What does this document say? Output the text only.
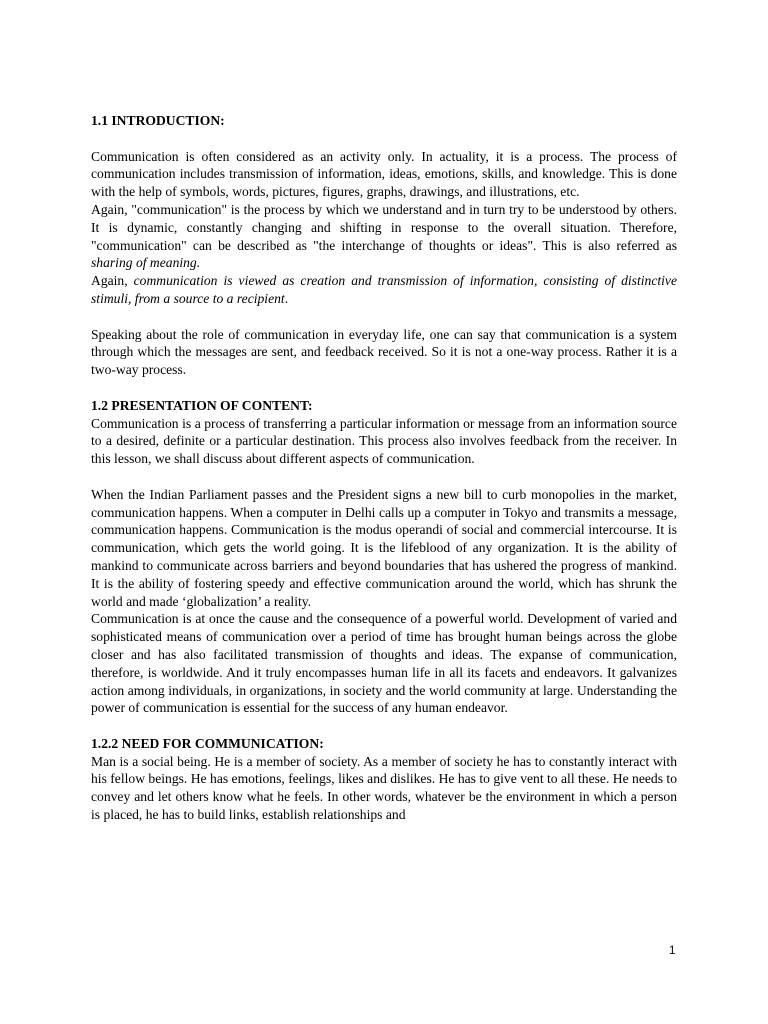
1.1 INTRODUCTION:

Communication is often considered as an activity only. In actuality, it is a process. The process of communication includes transmission of information, ideas, emotions, skills, and knowledge. This is done with the help of symbols, words, pictures, figures, graphs, drawings, and illustrations, etc.

Again, "communication" is the process by which we understand and in turn try to be understood by others. It is dynamic, constantly changing and shifting in response to the overall situation. Therefore, "communication" can be described as "the interchange of thoughts or ideas". This is also referred as sharing of meaning.

Again, communication is viewed as creation and transmission of information, consisting of distinctive stimuli, from a source to a recipient.

Speaking about the role of communication in everyday life, one can say that communication is a system through which the messages are sent, and feedback received. So it is not a one-way process. Rather it is a two-way process.

1.2 PRESENTATION OF CONTENT:

Communication is a process of transferring a particular information or message from an information source to a desired, definite or a particular destination. This process also involves feedback from the receiver. In this lesson, we shall discuss about different aspects of communication.

When the Indian Parliament passes and the President signs a new bill to curb monopolies in the market, communication happens. When a computer in Delhi calls up a computer in Tokyo and transmits a message, communication happens. Communication is the modus operandi of social and commercial intercourse. It is communication, which gets the world going. It is the lifeblood of any organization. It is the ability of mankind to communicate across barriers and beyond boundaries that has ushered the progress of mankind. It is the ability of fostering speedy and effective communication around the world, which has shrunk the world and made ‘globalization’ a reality.

Communication is at once the cause and the consequence of a powerful world. Development of varied and sophisticated means of communication over a period of time has brought human beings across the globe closer and has also facilitated transmission of thoughts and ideas. The expanse of communication, therefore, is worldwide. And it truly encompasses human life in all its facets and endeavors. It galvanizes action among individuals, in organizations, in society and the world community at large. Understanding the power of communication is essential for the success of any human endeavor.

1.2.2 NEED FOR COMMUNICATION:

Man is a social being. He is a member of society. As a member of society he has to constantly interact with his fellow beings. He has emotions, feelings, likes and dislikes. He has to give vent to all these. He needs to convey and let others know what he feels. In other words, whatever be the environment in which a person is placed, he has to build links, establish relationships and

1
